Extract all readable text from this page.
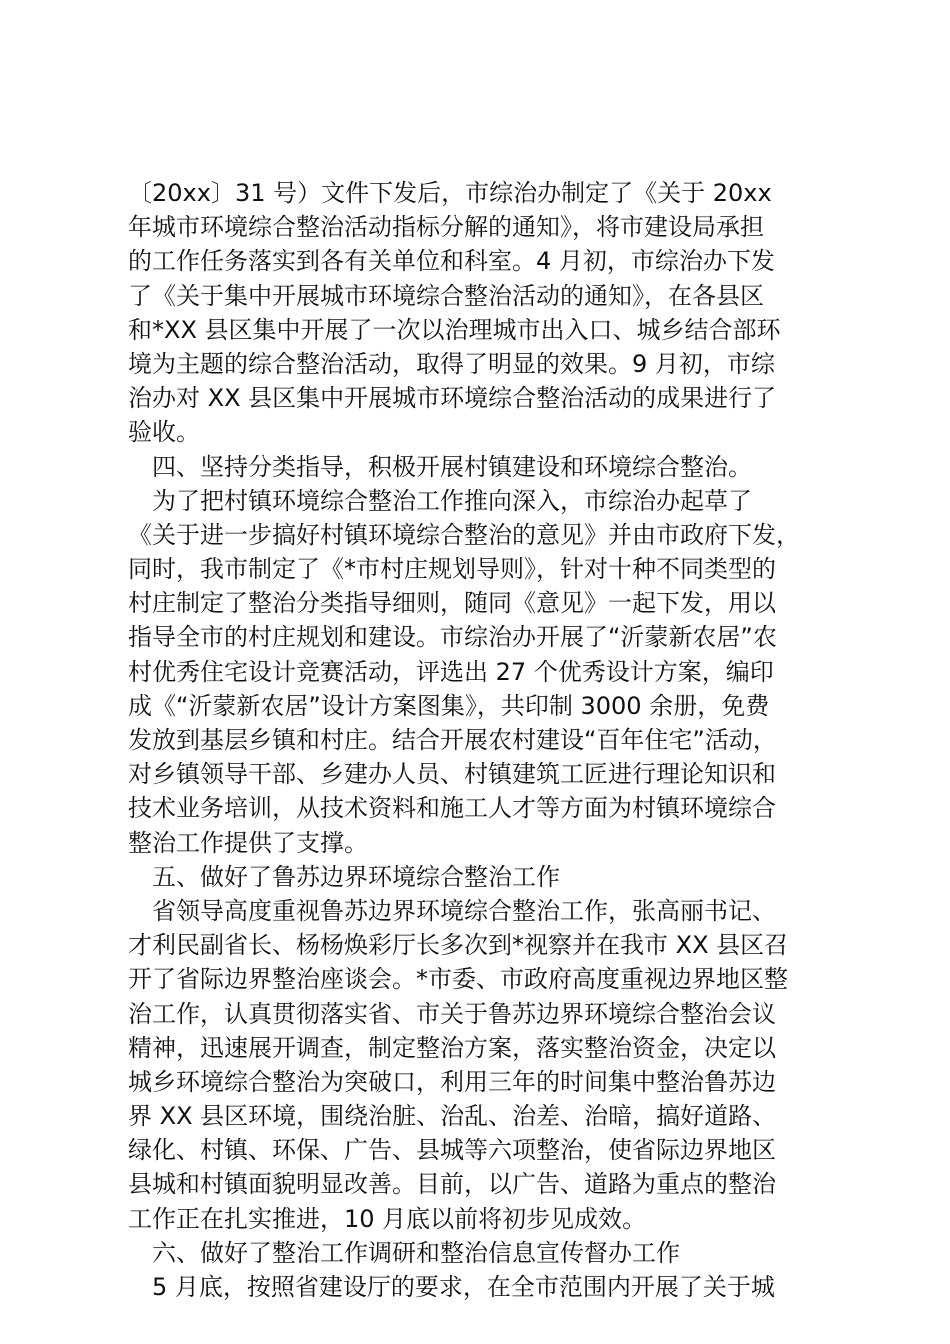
〔20xx〕31 号）文件下发后，市综治办制定了《关于 20xx
年城市环境综合整治活动指标分解的通知》，将市建设局承担
的工作任务落实到各有关单位和科室。4 月初，市综治办下发
了《关于集中开展城市环境综合整治活动的通知》，在各县区
和*XX 县区集中开展了一次以治理城市出入口、城乡结合部环
境为主题的综合整治活动，取得了明显的效果。9 月初，市综
治办对 XX 县区集中开展城市环境综合整治活动的成果进行了
验收。
　四、坚持分类指导，积极开展村镇建设和环境综合整治。
　为了把村镇环境综合整治工作推向深入，市综治办起草了
《关于进一步搞好村镇环境综合整治的意见》并由市政府下发，
同时，我市制定了《*市村庄规划导则》，针对十种不同类型的
村庄制定了整治分类指导细则，随同《意见》一起下发，用以
指导全市的村庄规划和建设。市综治办开展了“沂蒙新农居”农
村优秀住宅设计竞赛活动，评选出 27 个优秀设计方案，编印
成《“沂蒙新农居”设计方案图集》，共印制 3000 余册，免费
发放到基层乡镇和村庄。结合开展农村建设“百年住宅”活动，
对乡镇领导干部、乡建办人员、村镇建筑工匠进行理论知识和
技术业务培训，从技术资料和施工人才等方面为村镇环境综合
整治工作提供了支撑。
　五、做好了鲁苏边界环境综合整治工作
　省领导高度重视鲁苏边界环境综合整治工作，张高丽书记、
才利民副省长、杨杨焕彩厅长多次到*视察并在我市 XX 县区召
开了省际边界整治座谈会。*市委、市政府高度重视边界地区整
治工作，认真贯彻落实省、市关于鲁苏边界环境综合整治会议
精神，迅速展开调查，制定整治方案，落实整治资金，决定以
城乡环境综合整治为突破口，利用三年的时间集中整治鲁苏边
界 XX 县区环境，围绕治脏、治乱、治差、治暗，搞好道路、
绿化、村镇、环保、广告、县城等六项整治，使省际边界地区
县城和村镇面貌明显改善。目前，以广告、道路为重点的整治
工作正在扎实推进，10 月底以前将初步见成效。
　六、做好了整治工作调研和整治信息宣传督办工作
　5 月底，按照省建设厅的要求，在全市范围内开展了关于城
